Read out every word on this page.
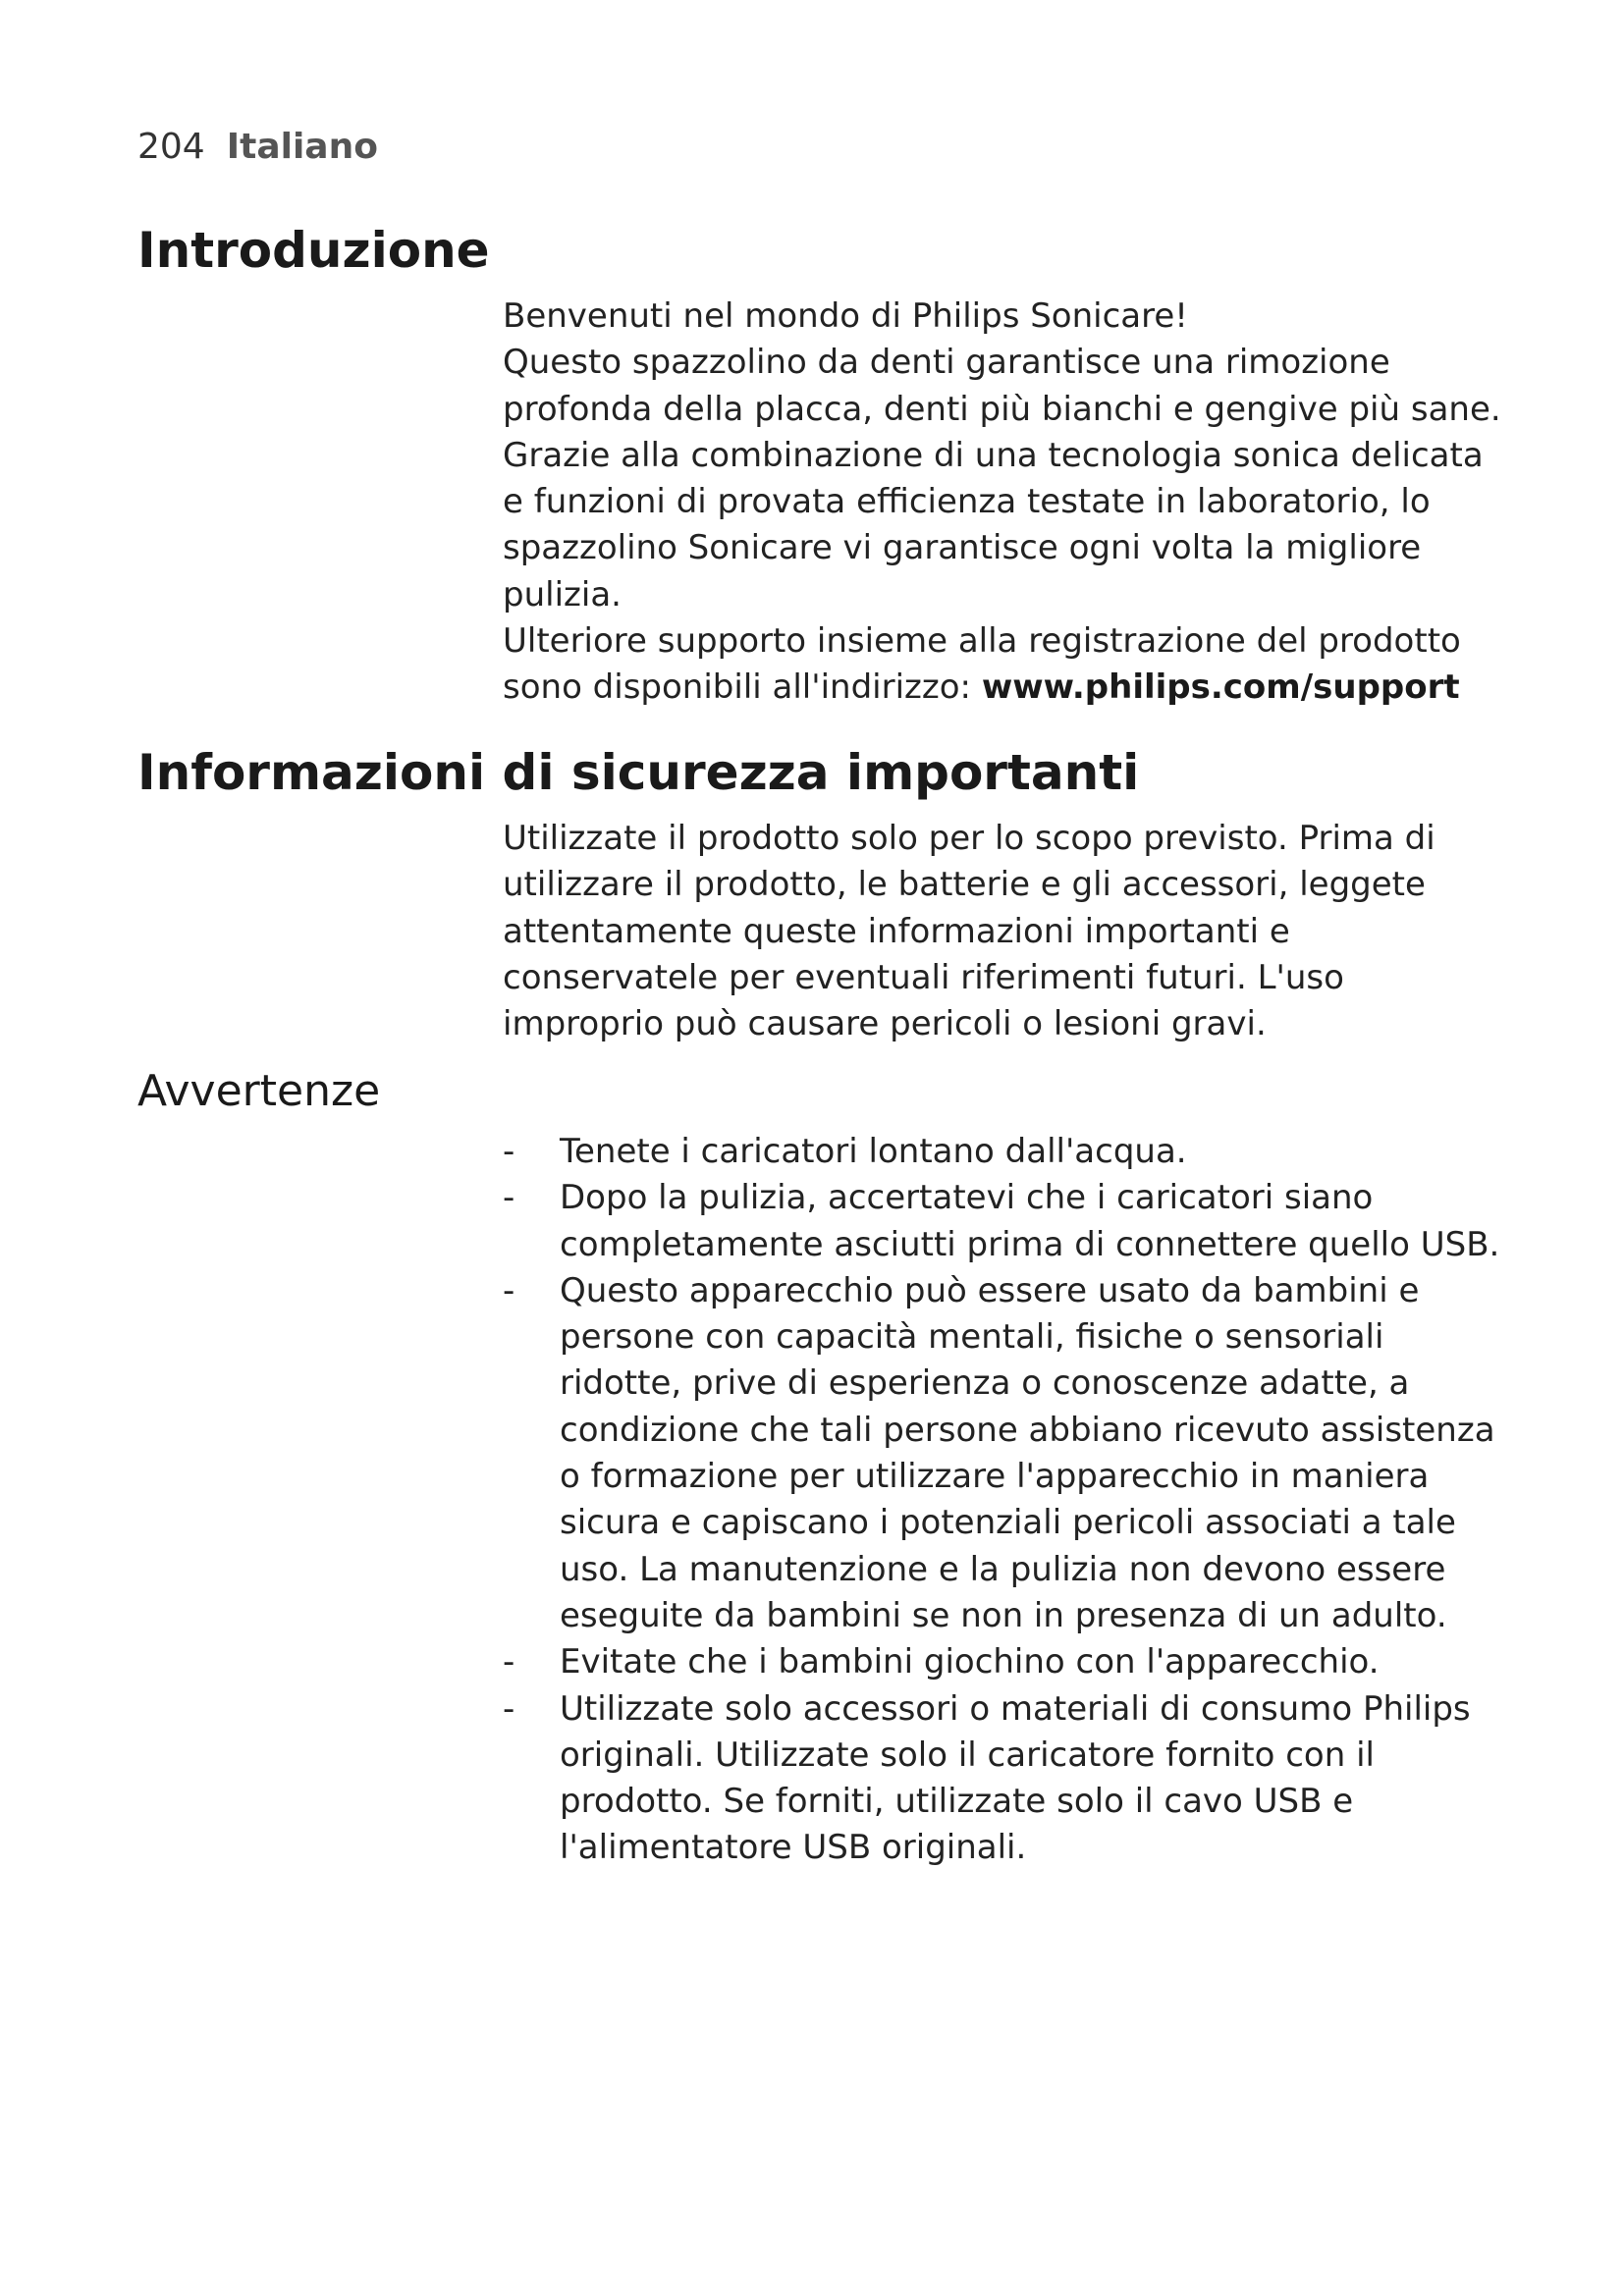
204 Italiano
Introduzione

Benvenuti nel mondo di Philips Sonicare!

Questo spazzolino da denti garantisce una rimozione profonda della placca, denti più bianchi e gengive più sane. Grazie alla combinazione di una tecnologia sonica delicata e funzioni di provata efficienza testate in laboratorio, lo spazzolino Sonicare vi garantisce ogni volta la migliore pulizia.

Ulteriore supporto insieme alla registrazione del prodotto sono disponibili all'indirizzo: www.philips.com/support

Informazioni di sicurezza importanti

Utilizzate il prodotto solo per lo scopo previsto. Prima di utilizzare il prodotto, le batterie e gli accessori, leggete attentamente queste informazioni importanti e conservatele per eventuali riferimenti futuri. L'uso improprio può causare pericoli o lesioni gravi.

Avvertenze
- Tenete i caricatori lontano dall'acqua.
- Dopo la pulizia, accertatevi che i caricatori siano completamente asciutti prima di connettere quello USB.
- Questo apparecchio può essere usato da bambini e persone con capacità mentali, fisiche o sensoriali ridotte, prive di esperienza o conoscenze adatte, a condizione che tali persone abbiano ricevuto assistenza o formazione per utilizzare l'apparecchio in maniera sicura e capiscano i potenziali pericoli associati a tale uso. La manutenzione e la pulizia non devono essere eseguite da bambini se non in presenza di un adulto.
- Evitate che i bambini giochino con l'apparecchio.
- Utilizzate solo accessori o materiali di consumo Philips originali. Utilizzate solo il caricatore fornito con il prodotto. Se forniti, utilizzate solo il cavo USB e l'alimentatore USB originali.
